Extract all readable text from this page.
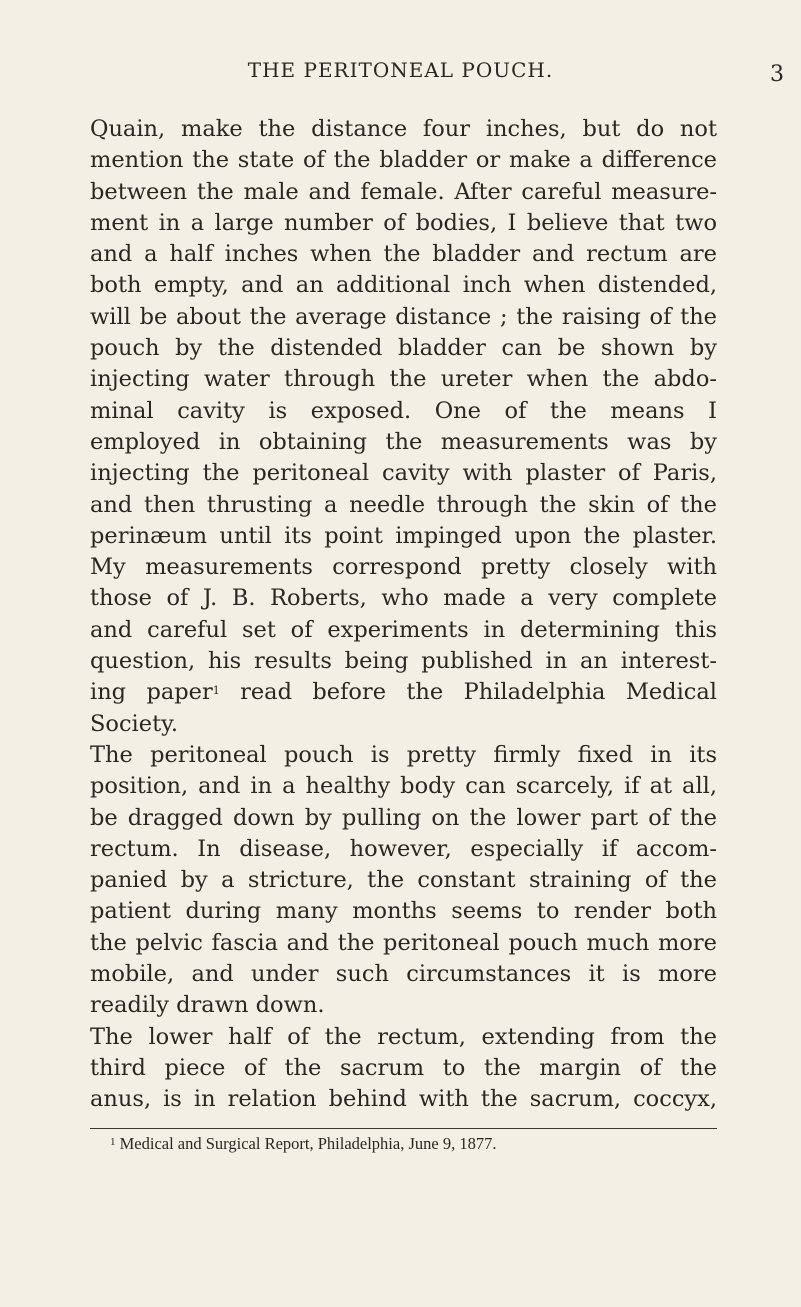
THE PERITONEAL POUCH.	3
Quain, make the distance four inches, but do not
mention the state of the bladder or make a difference
between the male and female. After careful measure-
ment in a large number of bodies, I believe that two
and a half inches when the bladder and rectum are
both empty, and an additional inch when distended,
will be about the average distance ; the raising of the
pouch by the distended bladder can be shown by
injecting water through the ureter when the abdo-
minal cavity is exposed. One of the means I
employed in obtaining the measurements was by
injecting the peritoneal cavity with plaster of Paris,
and then thrusting a needle through the skin of the
perinæum until its point impinged upon the plaster.
My measurements correspond pretty closely with
those of J. B. Roberts, who made a very complete
and careful set of experiments in determining this
question, his results being published in an interest-
ing paper$^1$ read before the Philadelphia Medical
Society.
The peritoneal pouch is pretty firmly fixed in its
position, and in a healthy body can scarcely, if at all,
be dragged down by pulling on the lower part of the
rectum. In disease, however, especially if accom-
panied by a stricture, the constant straining of the
patient during many months seems to render both
the pelvic fascia and the peritoneal pouch much more
mobile, and under such circumstances it is more
readily drawn down.
The lower half of the rectum, extending from the
third piece of the sacrum to the margin of the
anus, is in relation behind with the sacrum, coccyx,
$^1$ Medical and Surgical Report, Philadelphia, June 9, 1877.
